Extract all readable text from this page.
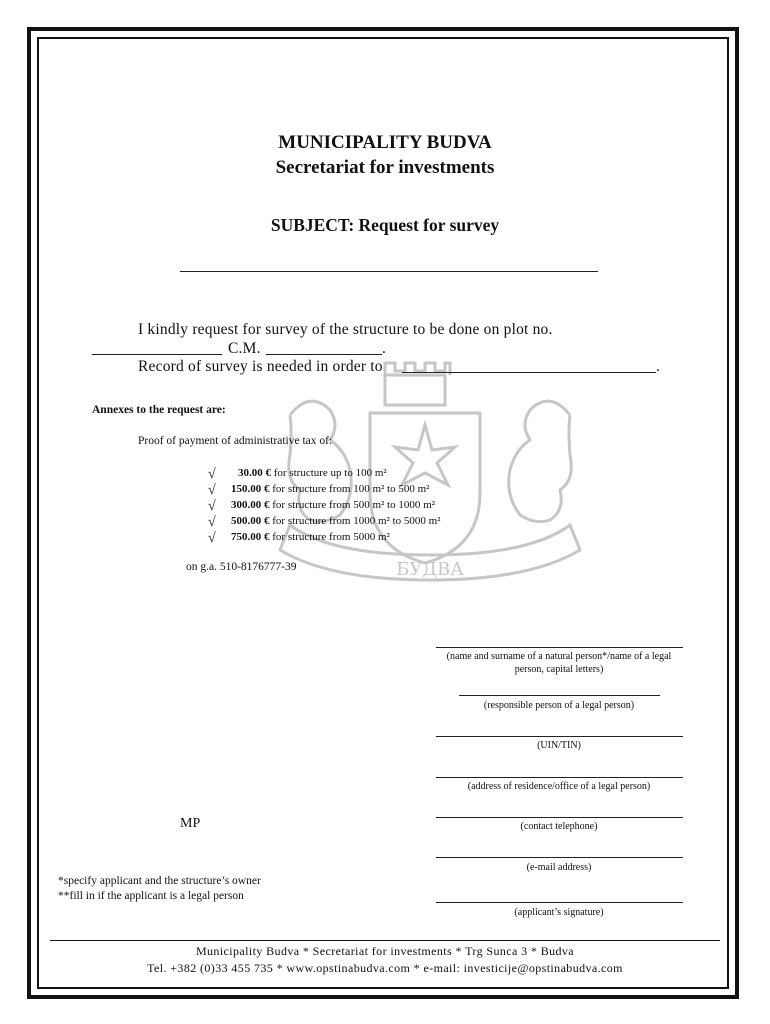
БУДВА
MUNICIPALITY BUDVA
Secretariat for investments
SUBJECT: Request for survey
I kindly request for survey of the structure to be done on plot no.
C.M.	.
Record of survey is needed in order to	.
Annexes to the request are:
Proof of payment of administrative tax of:
√ 30.00 € for structure up to 100 m²
√ 150.00 € for structure from 100 m² to 500 m²
√ 300.00 € for structure from 500 m² to 1000 m²
√ 500.00 € for structure from 1000 m² to 5000 m²
√ 750.00 € for structure from 5000 m²
on g.a. 510-8176777-39
(name and surname of a natural person*/name of a legal person, capital letters)
(responsible person of a legal person)
(UIN/TIN)
(address of residence/office of a legal person)
MP	(contact telephone)
(e-mail address)
*specify applicant and the structure’s owner
**fill in if the applicant is a legal person
(applicant’s signature)
Municipality Budva * Secretariat for investments * Trg Sunca 3 * Budva
Tel. +382 (0)33 455 735 * www.opstinabudva.com * e-mail: investicije@opstinabudva.com
